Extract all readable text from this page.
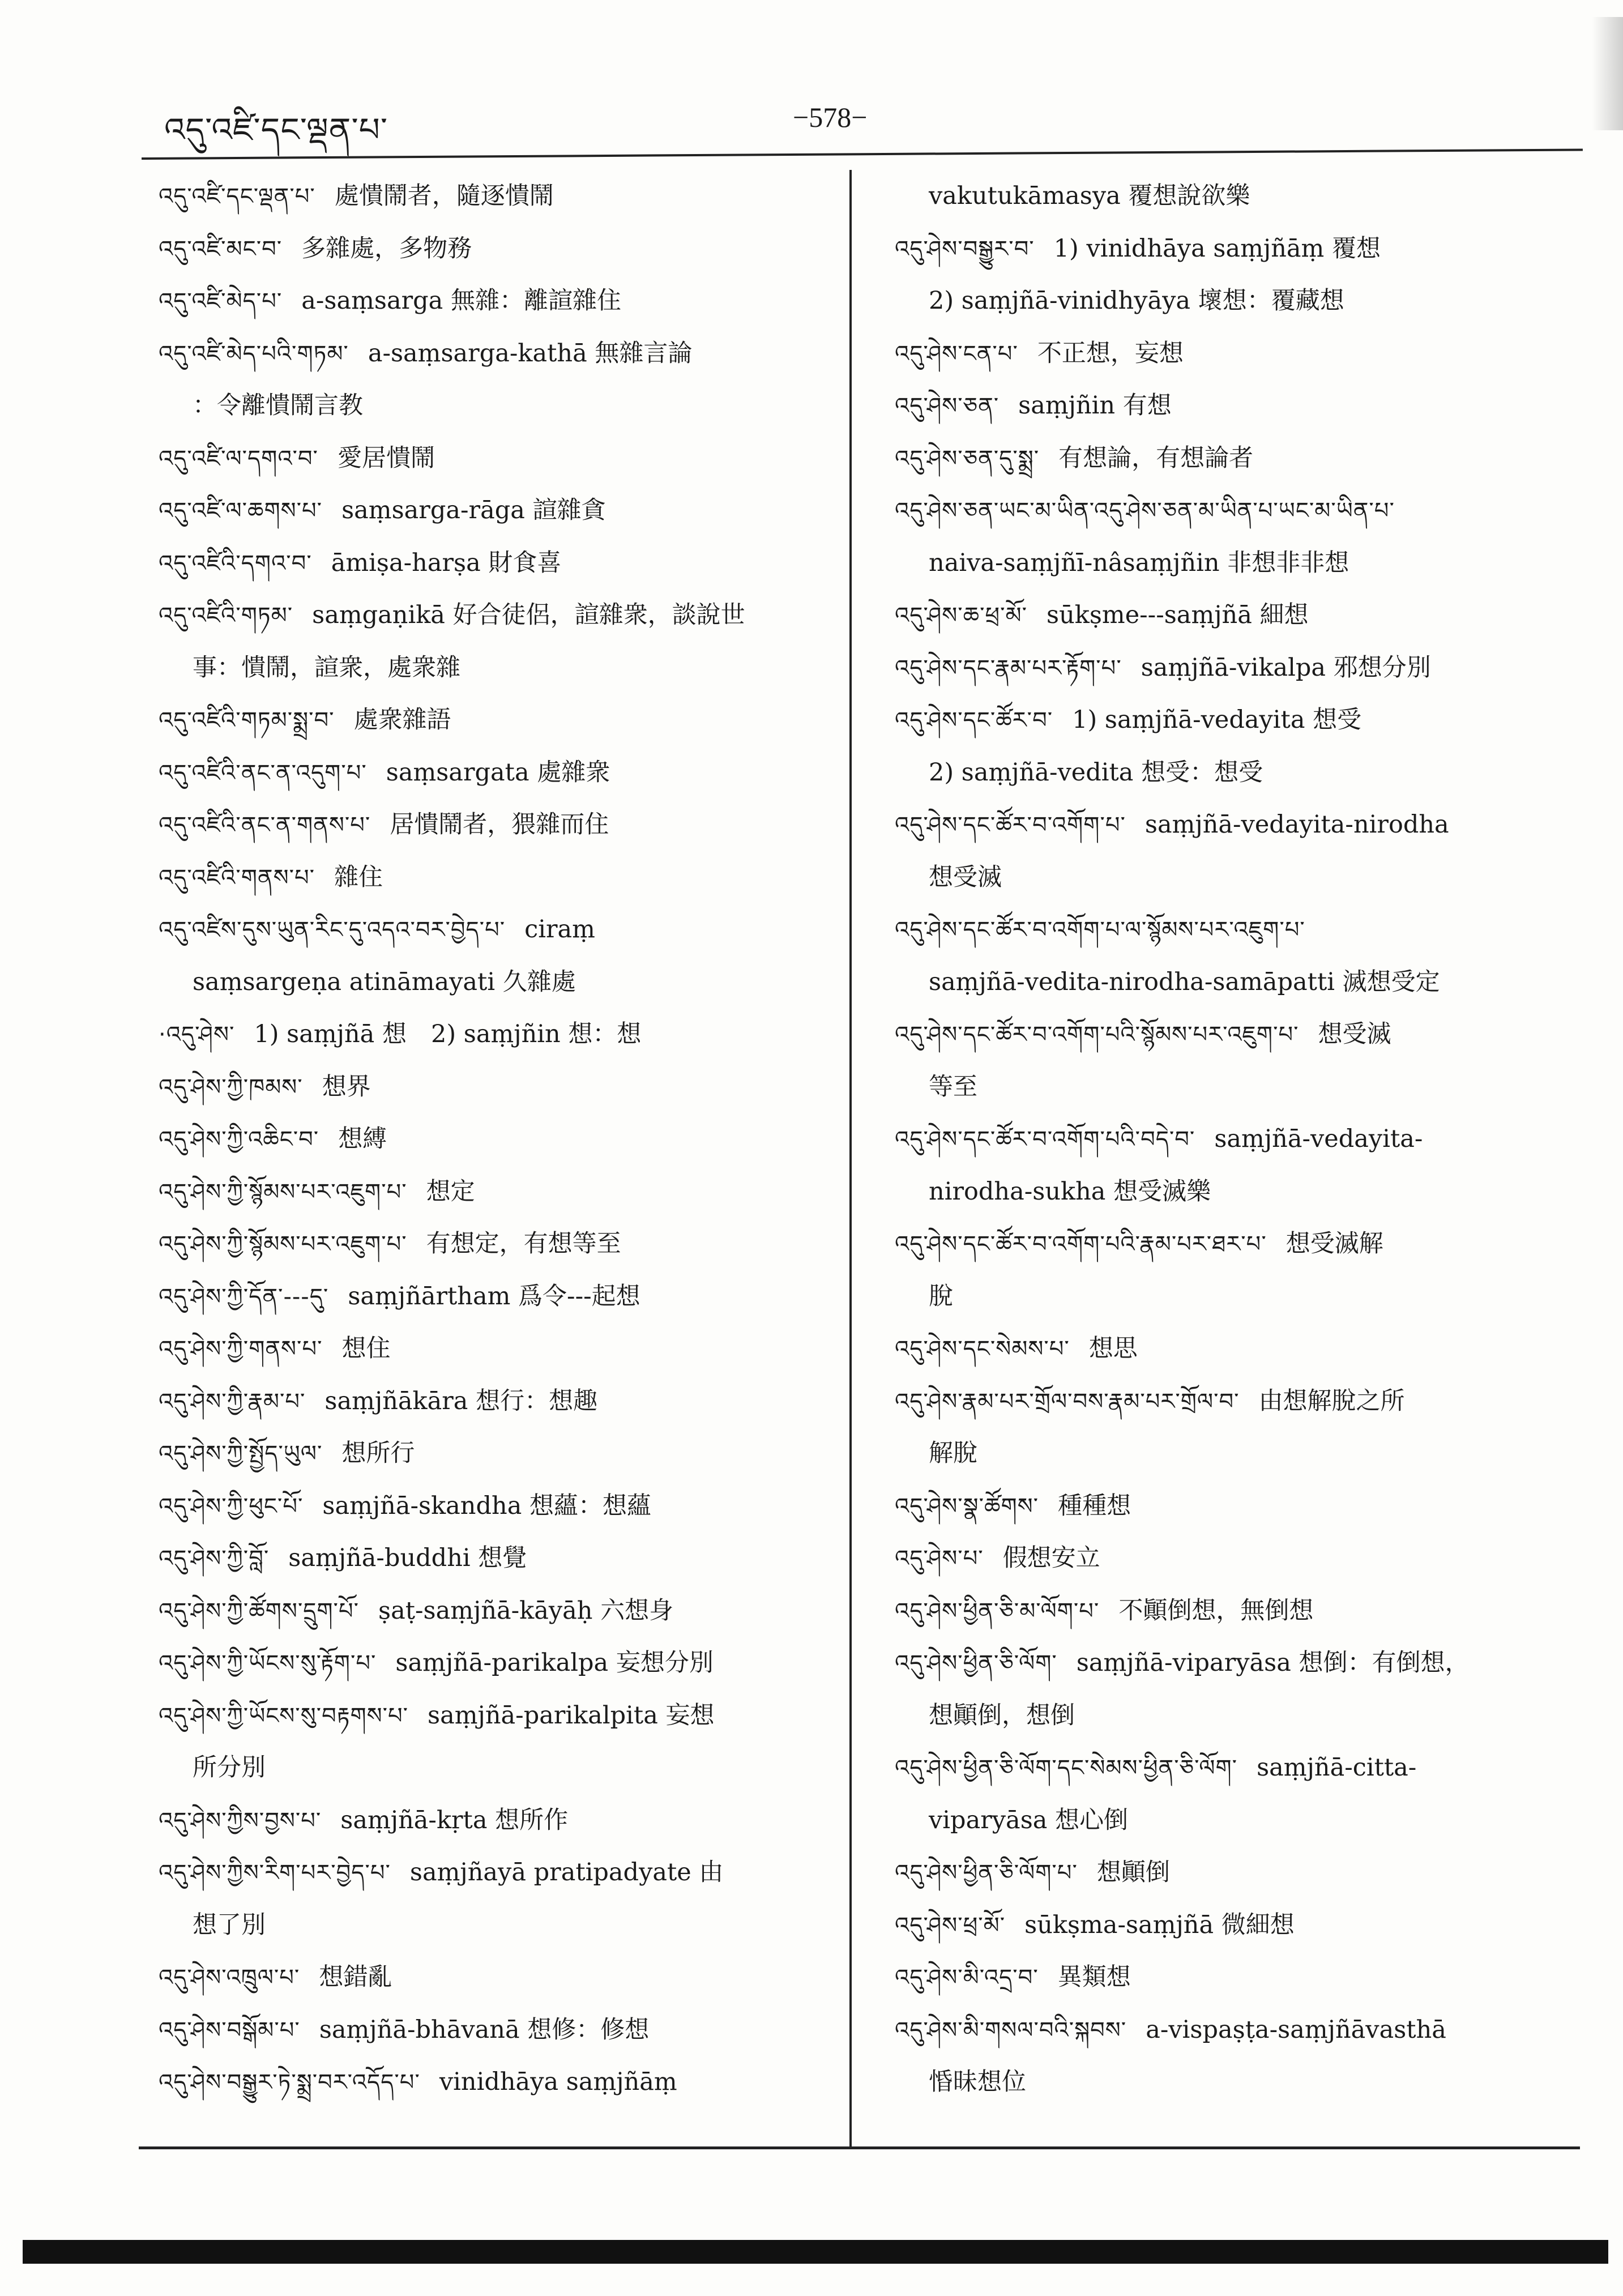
འདུ་འཛི་དང་ལྡན་པ་	−578−
འདུ་འཛི་དང་ལྡན་པ་ 處憒鬧者，隨逐憒鬧
འདུ་འཛི་མང་བ་ 多雜處，多物務
འདུ་འཛི་མེད་པ་ a-saṃsarga 無雜：離諠雜住
འདུ་འཛི་མེད་པའི་གཏམ་ a-saṃsarga-kathā 無雜言論
：令離憒鬧言教
འདུ་འཛི་ལ་དགའ་བ་ 愛居憒鬧
འདུ་འཛི་ལ་ཆགས་པ་ saṃsarga-rāga 諠雜貪
འདུ་འཛིའི་དགའ་བ་ āmiṣa-harṣa 財食喜
འདུ་འཛིའི་གཏམ་ saṃgaṇikā 好合徒侶，諠雜衆，談說世
事：憒鬧，諠衆，處衆雜
འདུ་འཛིའི་གཏམ་སྨྲ་བ་ 處衆雜語
འདུ་འཛིའི་ནང་ན་འདུག་པ་ saṃsargata 處雜衆
འདུ་འཛིའི་ནང་ན་གནས་པ་ 居憒鬧者，猥雜而住
འདུ་འཛིའི་གནས་པ་ 雜住
འདུ་འཛིས་དུས་ཡུན་རིང་དུ་འདའ་བར་བྱེད་པ་ ciraṃ
saṃsargeṇa atināmayati 久雜處
·འདུ་ཤེས་ 1) saṃjñā 想　2) saṃjñin 想：想
འདུ་ཤེས་ཀྱི་ཁམས་ 想界
འདུ་ཤེས་ཀྱི་འཆིང་བ་ 想縛
འདུ་ཤེས་ཀྱི་སྙོམས་པར་འཇུག་པ་ 想定
འདུ་ཤེས་ཀྱི་སྙོམས་པར་འཇུག་པ་ 有想定，有想等至
འདུ་ཤེས་ཀྱི་དོན་---དུ་ saṃjñārtham 爲令---起想
འདུ་ཤེས་ཀྱི་གནས་པ་ 想住
འདུ་ཤེས་ཀྱི་རྣམ་པ་ saṃjñākāra 想行：想趣
འདུ་ཤེས་ཀྱི་སྤྱོད་ཡུལ་ 想所行
འདུ་ཤེས་ཀྱི་ཕུང་པོ་ saṃjñā-skandha 想蘊：想蘊
འདུ་ཤེས་ཀྱི་བློ་ saṃjñā-buddhi 想覺
འདུ་ཤེས་ཀྱི་ཚོགས་དྲུག་པོ་ ṣaṭ-saṃjñā-kāyāḥ 六想身
འདུ་ཤེས་ཀྱི་ཡོངས་སུ་རྟོག་པ་ saṃjñā-parikalpa 妄想分別
འདུ་ཤེས་ཀྱི་ཡོངས་སུ་བརྟགས་པ་ saṃjñā-parikalpita 妄想
所分別
འདུ་ཤེས་ཀྱིས་བྱས་པ་ saṃjñā-kṛta 想所作
འདུ་ཤེས་ཀྱིས་རིག་པར་བྱེད་པ་ saṃjñayā pratipadyate 由
想了別
འདུ་ཤེས་འཁྲུལ་པ་ 想錯亂
འདུ་ཤེས་བསྒོམ་པ་ saṃjñā-bhāvanā 想修：修想
འདུ་ཤེས་བསྒྱུར་ཏེ་སྨྲ་བར་འདོད་པ་ vinidhāya saṃjñāṃ
vakutukāmasya 覆想說欲樂
འདུ་ཤེས་བསྒྱུར་བ་ 1) vinidhāya saṃjñāṃ 覆想
2) saṃjñā-vinidhyāya 壞想：覆藏想
འདུ་ཤེས་ངན་པ་ 不正想，妄想
འདུ་ཤེས་ཅན་ saṃjñin 有想
འདུ་ཤེས་ཅན་དུ་སྨྲ་ 有想論，有想論者
འདུ་ཤེས་ཅན་ཡང་མ་ཡིན་འདུ་ཤེས་ཅན་མ་ཡིན་པ་ཡང་མ་ཡིན་པ་
naiva-saṃjñī-nâsaṃjñin 非想非非想
འདུ་ཤེས་ཆ་ཕྲ་མོ་ sūkṣme---saṃjñā 細想
འདུ་ཤེས་དང་རྣམ་པར་རྟོག་པ་ saṃjñā-vikalpa 邪想分別
འདུ་ཤེས་དང་ཚོར་བ་ 1) saṃjñā-vedayita 想受
2) saṃjñā-vedita 想受：想受
འདུ་ཤེས་དང་ཚོར་བ་འགོག་པ་ saṃjñā-vedayita-nirodha
想受滅
འདུ་ཤེས་དང་ཚོར་བ་འགོག་པ་ལ་སྙོམས་པར་འཇུག་པ་
saṃjñā-vedita-nirodha-samāpatti 滅想受定
འདུ་ཤེས་དང་ཚོར་བ་འགོག་པའི་སྙོམས་པར་འཇུག་པ་ 想受滅
等至
འདུ་ཤེས་དང་ཚོར་བ་འགོག་པའི་བདེ་བ་ saṃjñā-vedayita-
nirodha-sukha 想受滅樂
འདུ་ཤེས་དང་ཚོར་བ་འགོག་པའི་རྣམ་པར་ཐར་པ་ 想受滅解
脫
འདུ་ཤེས་དང་སེམས་པ་ 想思
འདུ་ཤེས་རྣམ་པར་གྲོལ་བས་རྣམ་པར་གྲོལ་བ་ 由想解脫之所
解脫
འདུ་ཤེས་སྣ་ཚོགས་ 種種想
འདུ་ཤེས་པ་ 假想安立
འདུ་ཤེས་ཕྱིན་ཅི་མ་ལོག་པ་ 不顚倒想，無倒想
འདུ་ཤེས་ཕྱིན་ཅི་ལོག་ saṃjñā-viparyāsa 想倒：有倒想，
想顚倒，想倒
འདུ་ཤེས་ཕྱིན་ཅི་ལོག་དང་སེམས་ཕྱིན་ཅི་ལོག་ saṃjñā-citta-
viparyāsa 想心倒
འདུ་ཤེས་ཕྱིན་ཅི་ལོག་པ་ 想顚倒
འདུ་ཤེས་ཕྲ་མོ་ sūkṣma-saṃjñā 微細想
འདུ་ཤེས་མི་འདྲ་བ་ 異類想
འདུ་ཤེས་མི་གསལ་བའི་སྐབས་ a-vispaṣṭa-saṃjñāvasthā
惛昧想位
